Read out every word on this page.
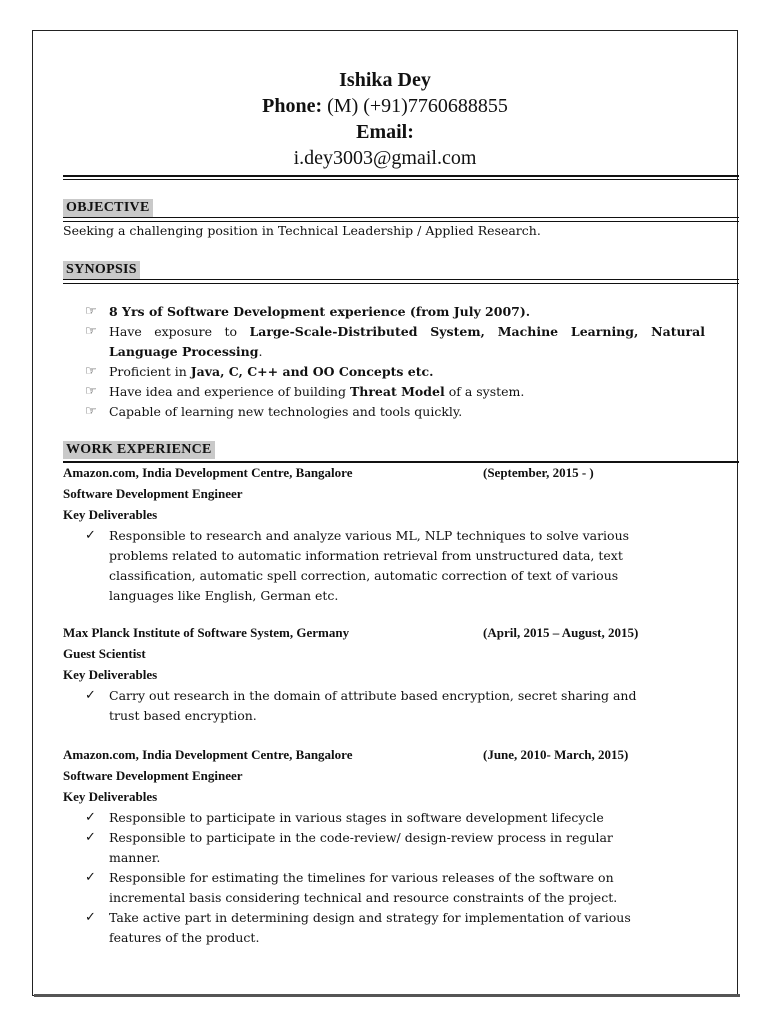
Ishika Dey
Phone: (M) (+91)7760688855
Email:
i.dey3003@gmail.com
OBJECTIVE
Seeking a challenging position in Technical Leadership / Applied Research.
SYNOPSIS
☞ 8 Yrs of Software Development experience (from July 2007).
☞ Have exposure to Large-Scale-Distributed System, Machine Learning, Natural Language Processing.
☞ Proficient in Java, C, C++ and OO Concepts etc.
☞ Have idea and experience of building Threat Model of a system.
☞ Capable of learning new technologies and tools quickly.
WORK EXPERIENCE
Amazon.com, India Development Centre, Bangalore	(September, 2015 - )
Software Development Engineer
Key Deliverables
✓ Responsible to research and analyze various ML, NLP techniques to solve various
problems related to automatic information retrieval from unstructured data, text
classification, automatic spell correction, automatic correction of text of various
languages like English, German etc.
Max Planck Institute of Software System, Germany	(April, 2015 – August, 2015)
Guest Scientist
Key Deliverables
✓ Carry out research in the domain of attribute based encryption, secret sharing and
trust based encryption.
Amazon.com, India Development Centre, Bangalore	(June, 2010- March, 2015)
Software Development Engineer
Key Deliverables
✓ Responsible to participate in various stages in software development lifecycle
✓ Responsible to participate in the code-review/ design-review process in regular
manner.
✓ Responsible for estimating the timelines for various releases of the software on
incremental basis considering technical and resource constraints of the project.
✓ Take active part in determining design and strategy for implementation of various
features of the product.
